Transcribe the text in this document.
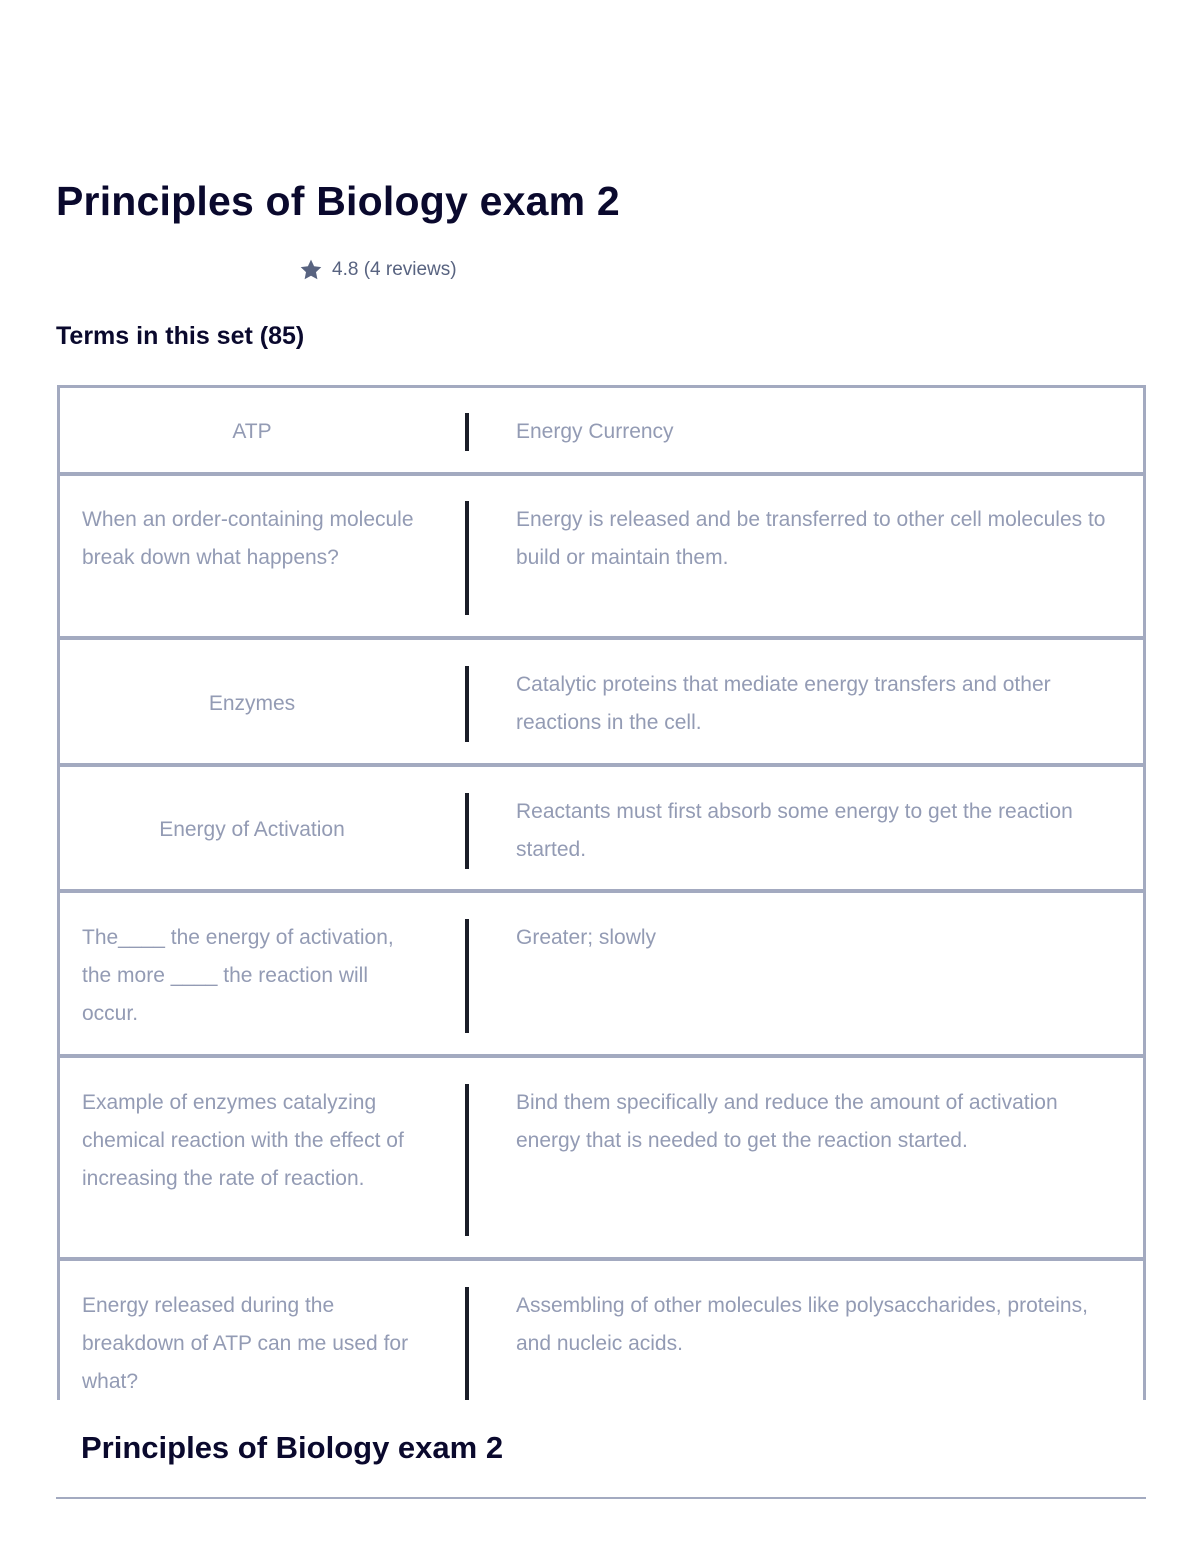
Principles of Biology exam 2
4.8 (4 reviews)
Terms in this set (85)
ATP	Energy Currency
When an order-containing molecule break down what happens?
Energy is released and be transferred to other cell molecules to build or maintain them.
Enzymes
Catalytic proteins that mediate energy transfers and other reactions in the cell.
Energy of Activation
Reactants must first absorb some energy to get the reaction started.
The____ the energy of activation, the more ____ the reaction will occur.
Greater; slowly
Example of enzymes catalyzing chemical reaction with the effect of increasing the rate of reaction.
Bind them specifically and reduce the amount of activation energy that is needed to get the reaction started.
Energy released during the breakdown of ATP can me used for what?
Assembling of other molecules like polysaccharides, proteins, and nucleic acids.
Principles of Biology exam 2
